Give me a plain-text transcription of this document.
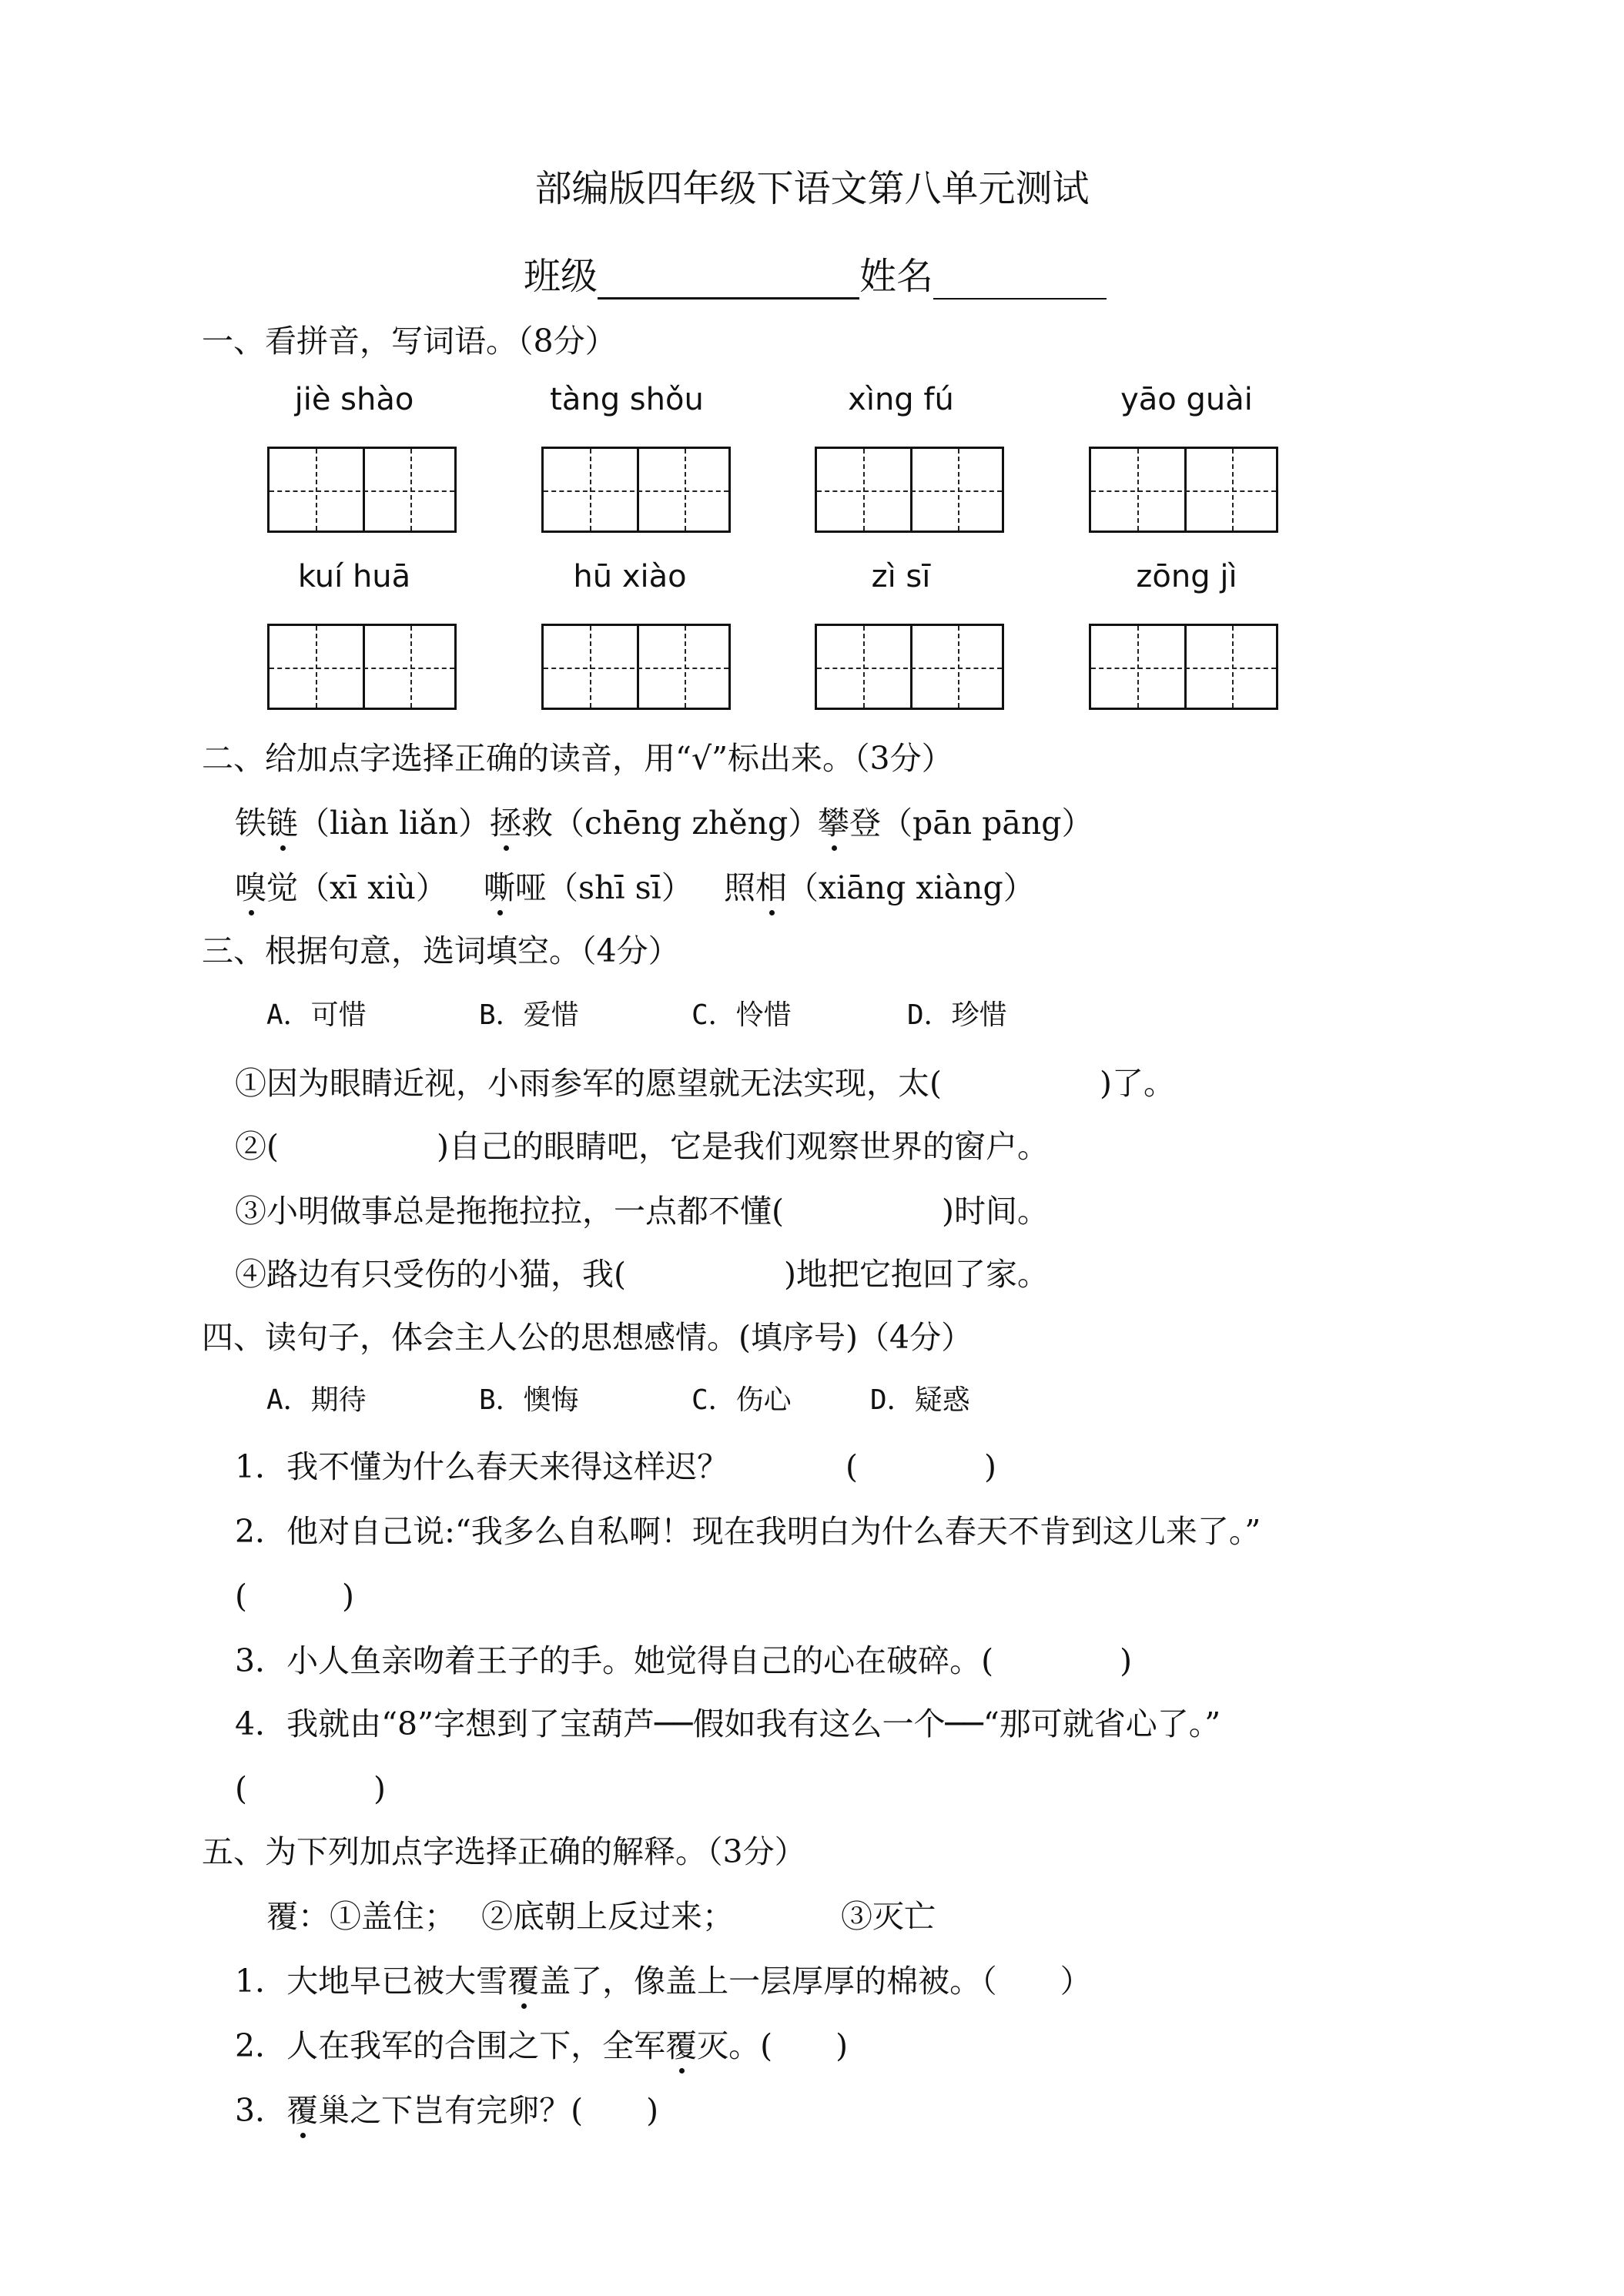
部编版四年级下语文第八单元测试
班级	姓名
一、看拼音，写词语。（8分）
jiè shào	tàng shǒu	xìng fú	yāo guài
kuí huā	hū xiào	zì sī	zōng jì
二、给加点字选择正确的读音，用“√”标出来。（3分）
铁链（liàn liǎn） 拯救（chēng zhěng）
攀登（pān pāng）
嗅觉（xī xiù） 嘶哑（shī sī） 照相（xiāng xiàng）
三、根据句意，选词填空。（4分）
A．可惜	B．爱惜	C．怜惜	D．珍惜
①因为眼睛近视，小雨参军的愿望就无法实现，太(　　　　　)了。
②(　　　　　)自己的眼睛吧，它是我们观察世界的窗户。
③小明做事总是拖拖拉拉，一点都不懂(　　　　　)时间。
④路边有只受伤的小猫，我(　　　　　)地把它抱回了家。
四、读句子，体会主人公的思想感情。(填序号)（4分）
A．期待	B．懊悔	C．伤心	D．疑惑
1．我不懂为什么春天来得这样迟？	(　　　　)
2．他对自己说:“我多么自私啊！现在我明白为什么春天不肯到这儿来了。”
(　　　)
3．小人鱼亲吻着王子的手。她觉得自己的心在破碎。(　　　　)
4．我就由“8”字想到了宝葫芦──假如我有这么一个──“那可就省心了。”
(　　　　)
五、为下列加点字选择正确的解释。（3分）
覆：①盖住； ②底朝上反过来；	③灭亡
1．大地早已被大雪覆盖了，像盖上一层厚厚的棉被。（　　）
2．人在我军的合围之下，全军覆灭。(　　)
3．覆巢之下岂有完卵？(　　)
